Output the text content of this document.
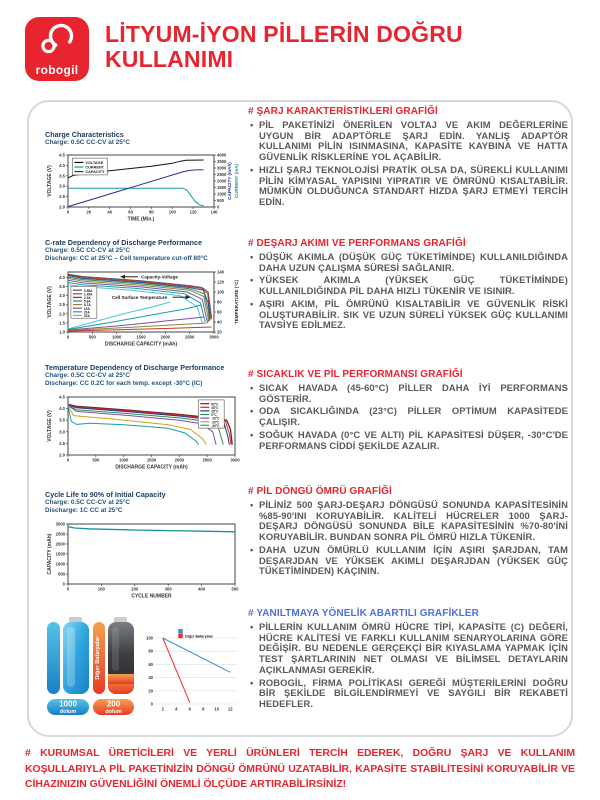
robogil
LİTYUM-İYON PİLLERİN DOĞRU
KULLANIMI
Charge Characteristics
Charge: 0.5C CC-CV at 25°C
0	20	40	60	80	100	120	140
2.0
2.5
3.0
3.5
4.0
4.5
0
500
1000
1500
2000
2500
3000
3500
4000
TIME (Min.)
VOLTAGE (V)	CAPACITY (mAh) CURRENT (mA)
VOLTAGE
CURRENT
CAPACITY
C-rate Dependency of Discharge Performance
Charge: 0.5C CC-CV at 25°C
Discharge: CC at 25°C – Cell temperature cut-off 80°C
0	500	1000	1500	2000	2500	3000
1.0
1.5
2.0
2.5
3.0
3.5
4.0
20
40
60
80
100
120
140
DISCHARGE CAPACITY (mAh)
VOLTAGE (V)	TEMPERATURE (°C)
0.58A
1.45A
2.9A
5.8A
8.7A
15A
20A
25A
Capacity-Voltage
Cell Surface Temperature
Temperature Dependency of Discharge Performance
Charge: 0.5C CC-CV at 25°C
Discharge: CC 0.2C for each temp. except -30°C (IC)
0	500	1000	1500	2000	2500	3000
2.0
2.5
3.0
3.5
4.0
4.5
DISCHARGE CAPACITY (mAh)
VOLTAGE (V)
60°C
45°C
25°C
0°C
-10°C
-20°C
-30°C
Cycle Life to 90% of Initial Capacity
Charge: 0.5C CC-CV at 25°C
Discharge: 1C CC at 25°C
0	100	200	300	400	500
0
500
1000
1500
2000
2500
3000
CYCLE NUMBER
CAPACITY (mAh)
1000
dolum
Diğer Bataryalar
200
dolum	2	4	6	8 10 12
0
20
40
60
80
100	Diğer Bataryalar
# ŞARJ KARAKTERİSTİKLERİ GRAFİĞİ
• PİL PAKETİNİZİ ÖNERİLEN VOLTAJ VE AKIM DEĞERLERİNE UYGUN BİR ADAPTÖRLE ŞARJ EDİN. YANLIŞ ADAPTÖR KULLANIMI PİLİN ISINMASINA, KAPASİTE KAYBINA VE HATTA GÜVENLİK RİSKLERİNE YOL AÇABİLİR.
• HIZLI ŞARJ TEKNOLOJİSİ PRATİK OLSA DA, SÜREKLİ KULLANIMI PİLİN KİMYASAL YAPISINI YIPRATIR VE ÖMRÜNÜ KISALTABİLİR. MÜMKÜN OLDUĞUNCA STANDART HIZDA ŞARJ ETMEYİ TERCİH EDİN.
# DEŞARJ AKIMI VE PERFORMANS GRAFİĞİ
• DÜŞÜK AKIMLA (DÜŞÜK GÜÇ TÜKETİMİNDE) KULLANILDIĞINDA DAHA UZUN ÇALIŞMA SÜRESİ SAĞLANIR.
• YÜKSEK AKIMLA (YÜKSEK GÜÇ TÜKETİMİNDE) KULLANILDIĞINDA PİL DAHA HIZLI TÜKENİR VE ISINIR.
• AŞIRI AKIM, PİL ÖMRÜNÜ KISALTABİLİR VE GÜVENLİK RİSKİ OLUŞTURABİLİR. SIK VE UZUN SÜRELİ YÜKSEK GÜÇ KULLANIMI TAVSİYE EDİLMEZ.
# SICAKLIK VE PİL PERFORMANSI GRAFİĞİ
• SICAK HAVADA (45-60°C) PİLLER DAHA İYİ PERFORMANS GÖSTERİR.
• ODA SICAKLIĞINDA (23°C) PİLLER OPTİMUM KAPASİTEDE ÇALIŞIR.
• SOĞUK HAVADA (0°C VE ALTI) PİL KAPASİTESİ DÜŞER, -30°C'DE PERFORMANS CİDDİ ŞEKİLDE AZALIR.
# PİL DÖNGÜ ÖMRÜ GRAFİĞİ
• PİLİNİZ 500 ŞARJ-DEŞARJ DÖNGÜSÜ SONUNDA KAPASİTESİNİN %85-90'INI KORUYABİLİR. KALİTELİ HÜCRELER 1000 ŞARJ-DEŞARJ DÖNGÜSÜ SONUNDA BİLE KAPASİTESİNİN %70-80'İNİ KORUYABİLİR. BUNDAN SONRA PİL ÖMRÜ HIZLA TÜKENİR.
• DAHA UZUN ÖMÜRLÜ KULLANIM İÇİN AŞIRI ŞARJDAN, TAM DEŞARJDAN VE YÜKSEK AKIMLI DEŞARJDAN (YÜKSEK GÜÇ TÜKETİMİNDEN) KAÇININ.
# YANILTMAYA YÖNELİK ABARTILI GRAFİKLER
• PİLLERİN KULLANIM ÖMRÜ HÜCRE TİPİ, KAPASİTE (C) DEĞERİ, HÜCRE KALİTESİ VE FARKLI KULLANIM SENARYOLARINA GÖRE DEĞİŞİR. BU NEDENLE GERÇEKÇİ BİR KIYASLAMA YAPMAK İÇİN TEST ŞARTLARININ NET OLMASI VE BİLİMSEL DETAYLARIN AÇIKLANMASI GEREKİR.
• ROBOGİL, FİRMA POLİTİKASI GEREĞİ MÜŞTERİLERİNİ DOĞRU BİR ŞEKİLDE BİLGİLENDİRMEYİ VE SAYGILI BİR REKABETİ HEDEFLER.

# KURUMSAL ÜRETİCİLERİ VE YERLİ ÜRÜNLERİ TERCİH EDEREK, DOĞRU ŞARJ VE KULLANIM KOŞULLARIYLA PİL PAKETİNİZİN DÖNGÜ ÖMRÜNÜ UZATABİLİR, KAPASİTE STABİLİTESİNİ KORUYABİLİR VE CİHAZINIZIN GÜVENLİĞİNİ ÖNEMLİ ÖLÇÜDE ARTIRABİLİRSİNİZ!
